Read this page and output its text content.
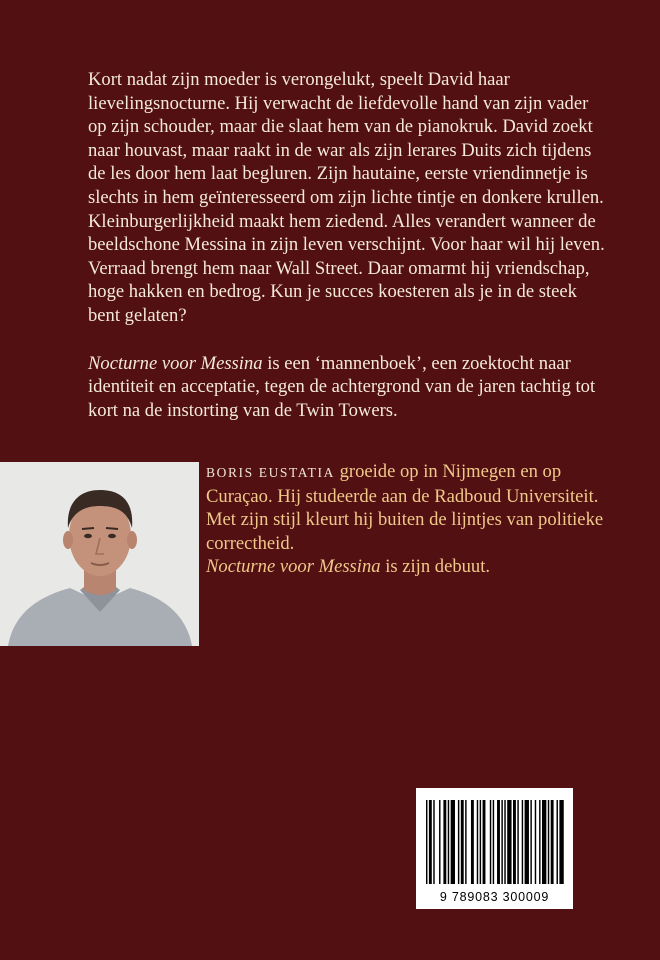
Kort nadat zijn moeder is verongelukt, speelt David haar lievelingsnocturne. Hij verwacht de liefdevolle hand van zijn vader op zijn schouder, maar die slaat hem van de pianokruk. David zoekt naar houvast, maar raakt in de war als zijn lerares Duits zich tijdens de les door hem laat begluren. Zijn hautaine, eerste vriendinnetje is slechts in hem geïnteresseerd om zijn lichte tintje en donkere krullen. Kleinburgerlijkheid maakt hem ziedend. Alles verandert wanneer de beeldschone Messina in zijn leven verschijnt. Voor haar wil hij leven. Verraad brengt hem naar Wall Street. Daar omarmt hij vriendschap, hoge hakken en bedrog. Kun je succes koesteren als je in de steek bent gelaten?

Nocturne voor Messina is een ‘mannenboek’, een zoektocht naar identiteit en acceptatie, tegen de achtergrond van de jaren tachtig tot kort na de instorting van de Twin Towers.

BORIS EUSTATIA groeide op in Nijmegen en op Curaçao. Hij studeerde aan de Radboud Universiteit. Met zijn stijl kleurt hij buiten de lijntjes van politieke correctheid.
Nocturne voor Messina is zijn debuut.
9 789083 300009
